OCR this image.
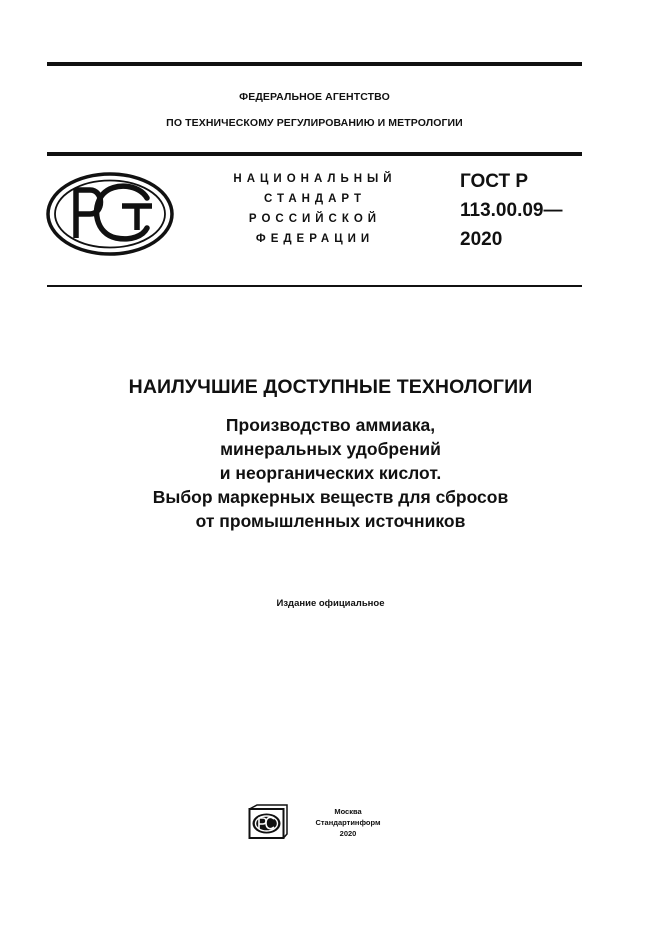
ФЕДЕРАЛЬНОЕ АГЕНТСТВО
ПО ТЕХНИЧЕСКОМУ РЕГУЛИРОВАНИЮ И МЕТРОЛОГИИ
НАЦИОНАЛЬНЫЙ
СТАНДАРТ
РОССИЙСКОЙ
ФЕДЕРАЦИИ
ГОСТ Р
113.00.09—
2020
НАИЛУЧШИЕ ДОСТУПНЫЕ ТЕХНОЛОГИИ
Производство аммиака,
минеральных удобрений
и неорганических кислот.
Выбор маркерных веществ для сбросов
от промышленных источников
Издание официальное
Москва
Стандартинформ
2020
